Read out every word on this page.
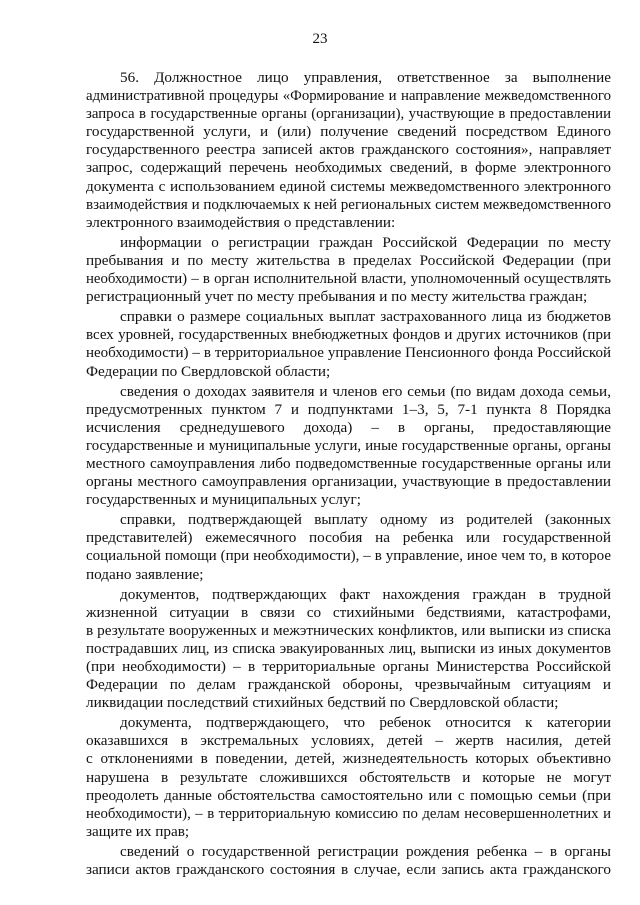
23
56. Должностное лицо управления, ответственное за выполнение
административной процедуры «Формирование и направление межведомственного
запроса в государственные органы (организации), участвующие в предоставлении
государственной услуги, и (или) получение сведений посредством Единого
государственного реестра записей актов гражданского состояния», направляет
запрос, содержащий перечень необходимых сведений, в форме электронного
документа с использованием единой системы межведомственного электронного
взаимодействия и подключаемых к ней региональных систем межведомственного
электронного взаимодействия о представлении:
информации о регистрации граждан Российской Федерации по месту
пребывания и по месту жительства в пределах Российской Федерации (при
необходимости) – в орган исполнительной власти, уполномоченный осуществлять
регистрационный учет по месту пребывания и по месту жительства граждан;
справки о размере социальных выплат застрахованного лица из бюджетов
всех уровней, государственных внебюджетных фондов и других источников (при
необходимости) – в территориальное управление Пенсионного фонда Российской
Федерации по Свердловской области;
сведения о доходах заявителя и членов его семьи (по видам дохода семьи,
предусмотренных пунктом 7 и подпунктами 1–3, 5, 7-1 пункта 8 Порядка
исчисления среднедушевого дохода) – в органы, предоставляющие
государственные и муниципальные услуги, иные государственные органы, органы
местного самоуправления либо подведомственные государственные органы или
органы местного самоуправления организации, участвующие в предоставлении
государственных и муниципальных услуг;
справки, подтверждающей выплату одному из родителей (законных
представителей) ежемесячного пособия на ребенка или государственной
социальной помощи (при необходимости), – в управление, иное чем то, в которое
подано заявление;
документов, подтверждающих факт нахождения граждан в трудной
жизненной ситуации в связи со стихийными бедствиями, катастрофами,
в результате вооруженных и межэтнических конфликтов, или выписки из списка
пострадавших лиц, из списка эвакуированных лиц, выписки из иных документов
(при необходимости) – в территориальные органы Министерства Российской
Федерации по делам гражданской обороны, чрезвычайным ситуациям и
ликвидации последствий стихийных бедствий по Свердловской области;
документа, подтверждающего, что ребенок относится к категории
оказавшихся в экстремальных условиях, детей – жертв насилия, детей
с отклонениями в поведении, детей, жизнедеятельность которых объективно
нарушена в результате сложившихся обстоятельств и которые не могут
преодолеть данные обстоятельства самостоятельно или с помощью семьи (при
необходимости), – в территориальную комиссию по делам несовершеннолетних и
защите их прав;
сведений о государственной регистрации рождения ребенка – в органы
записи актов гражданского состояния в случае, если запись акта гражданского
